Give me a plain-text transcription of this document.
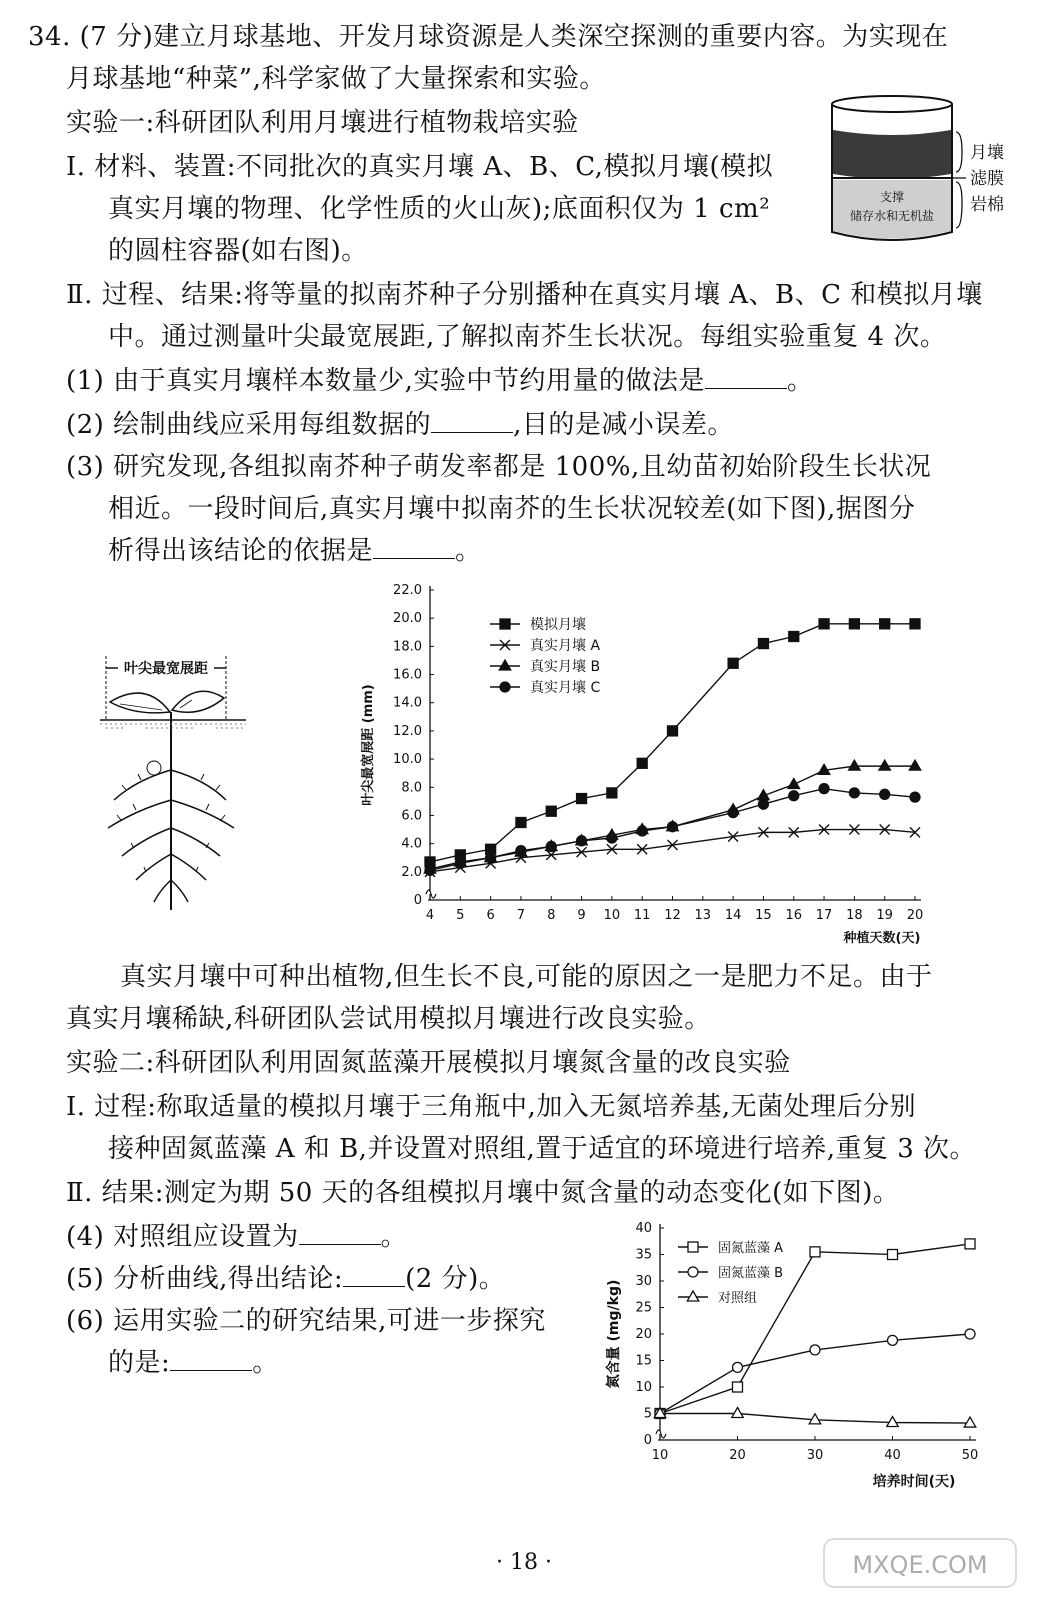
34. (7 分)建立月球基地、开发月球资源是人类深空探测的重要内容。为实现在
月球基地“种菜”,科学家做了大量探索和实验。
实验一:科研团队利用月壤进行植物栽培实验
Ⅰ. 材料、装置:不同批次的真实月壤 A、B、C,模拟月壤(模拟
真实月壤的物理、化学性质的火山灰);底面积仅为 1 cm²
的圆柱容器(如右图)。
Ⅱ. 过程、结果:将等量的拟南芥种子分别播种在真实月壤 A、B、C 和模拟月壤
中。通过测量叶尖最宽展距,了解拟南芥生长状况。每组实验重复 4 次。
(1) 由于真实月壤样本数量少,实验中节约用量的做法是	。
(2) 绘制曲线应采用每组数据的	,目的是减小误差。
(3) 研究发现,各组拟南芥种子萌发率都是 100%,且幼苗初始阶段生长状况
相近。一段时间后,真实月壤中拟南芥的生长状况较差(如下图),据图分
析得出该结论的依据是	。
真实月壤中可种出植物,但生长不良,可能的原因之一是肥力不足。由于
真实月壤稀缺,科研团队尝试用模拟月壤进行改良实验。
实验二:科研团队利用固氮蓝藻开展模拟月壤氮含量的改良实验
Ⅰ. 过程:称取适量的模拟月壤于三角瓶中,加入无氮培养基,无菌处理后分别
接种固氮蓝藻 A 和 B,并设置对照组,置于适宜的环境进行培养,重复 3 次。
Ⅱ. 结果:测定为期 50 天的各组模拟月壤中氮含量的动态变化(如下图)。
(4) 对照组应设置为	。
(5) 分析曲线,得出结论: (2 分)。
(6) 运用实验二的研究结果,可进一步探究
的是:	。
支撑
储存水和无机盐
月壤
滤膜
岩棉
叶尖最宽展距
0
2.0
4.0
6.0
8.0
10.0
12.0
14.0
16.0
18.0
20.0
22.0
4 5 6 7 8 9 10 11 12 13 14 15 16 17 18 19 20
种植天数(天)
叶尖最宽展距 (mm)
模拟月壤
真实月壤 A
真实月壤 B
真实月壤 C
0
5
10
15
20
25
30
35
40
10	20	30	40	50
培养时间(天)
氮含量 (mg/kg)
固氮蓝藻 A
固氮蓝藻 B
对照组
· 18 ·	MXQE.COM
